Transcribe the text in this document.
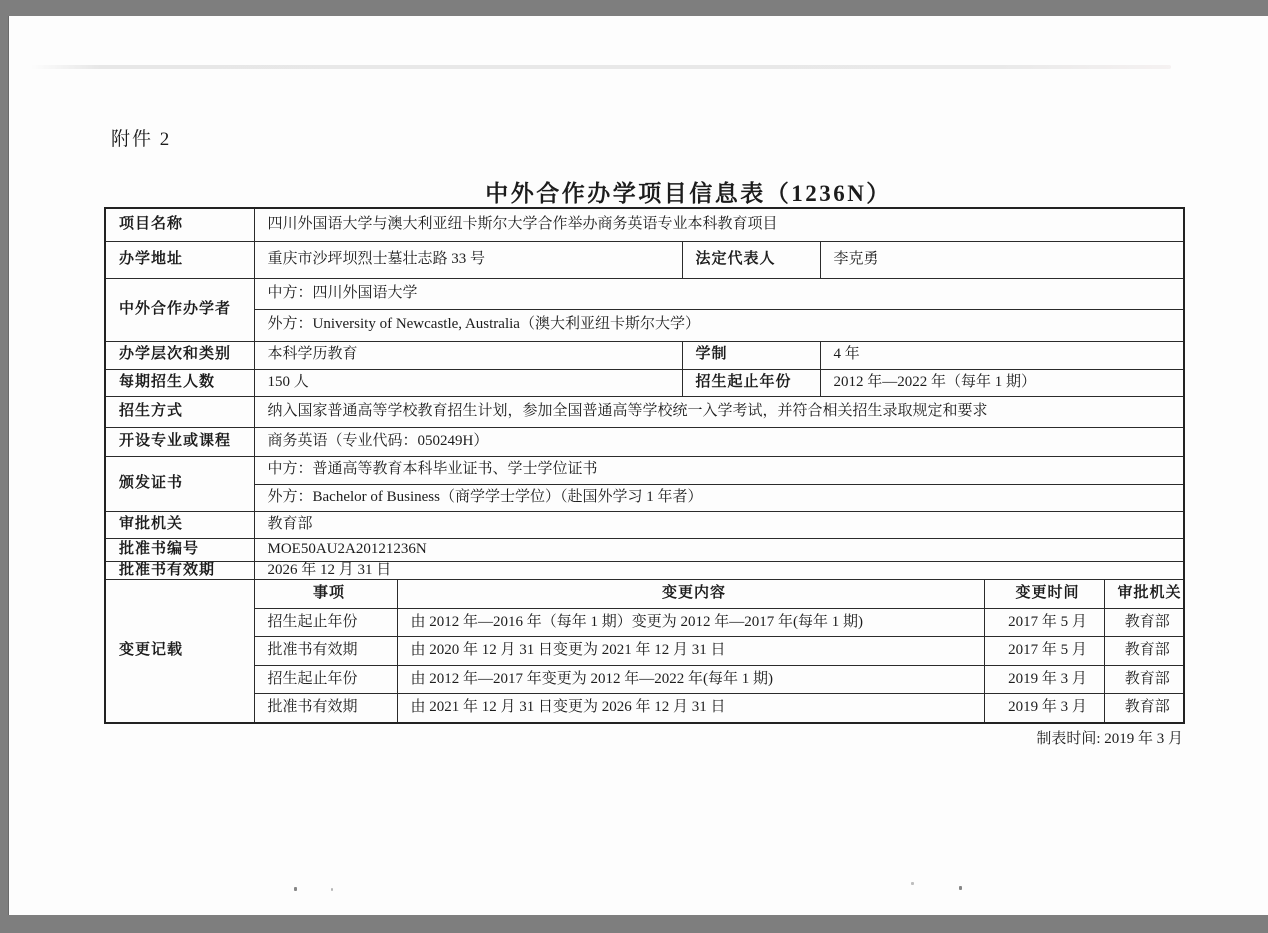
附件 2
中外合作办学项目信息表（1236N）
项目名称	四川外国语大学与澳大利亚纽卡斯尔大学合作举办商务英语专业本科教育项目					
办学地址	重庆市沙坪坝烈士墓壮志路 33 号		法定代表人	李克勇		
中外合作办学者	中方：四川外国语大学					
	外方：University of Newcastle, Australia（澳大利亚纽卡斯尔大学）					
办学层次和类别	本科学历教育		学制	4 年		
每期招生人数	150 人		招生起止年份	2012 年—2022 年（每年 1 期）		
招生方式	纳入国家普通高等学校教育招生计划，参加全国普通高等学校统一入学考试，并符合相关招生录取规定和要求					
开设专业或课程	商务英语（专业代码：050249H）					
颁发证书	中方：普通高等教育本科毕业证书、学士学位证书					
	外方：Bachelor of Business（商学学士学位）（赴国外学习 1 年者）					
审批机关	教育部					
批准书编号	MOE50AU2A20121236N					
批准书有效期	2026 年 12 月 31 日					
变更记载	事项	变更内容			变更时间	审批机关
	招生起止年份	由 2012 年—2016 年（每年 1 期）变更为 2012 年—2017 年(每年 1 期)			2017 年 5 月	教育部
	批准书有效期	由 2020 年 12 月 31 日变更为 2021 年 12 月 31 日			2017 年 5 月	教育部
	招生起止年份	由 2012 年—2017 年变更为 2012 年—2022 年(每年 1 期)			2019 年 3 月	教育部
	批准书有效期	由 2021 年 12 月 31 日变更为 2026 年 12 月 31 日			2019 年 3 月	教育部
制表时间: 2019 年 3 月
